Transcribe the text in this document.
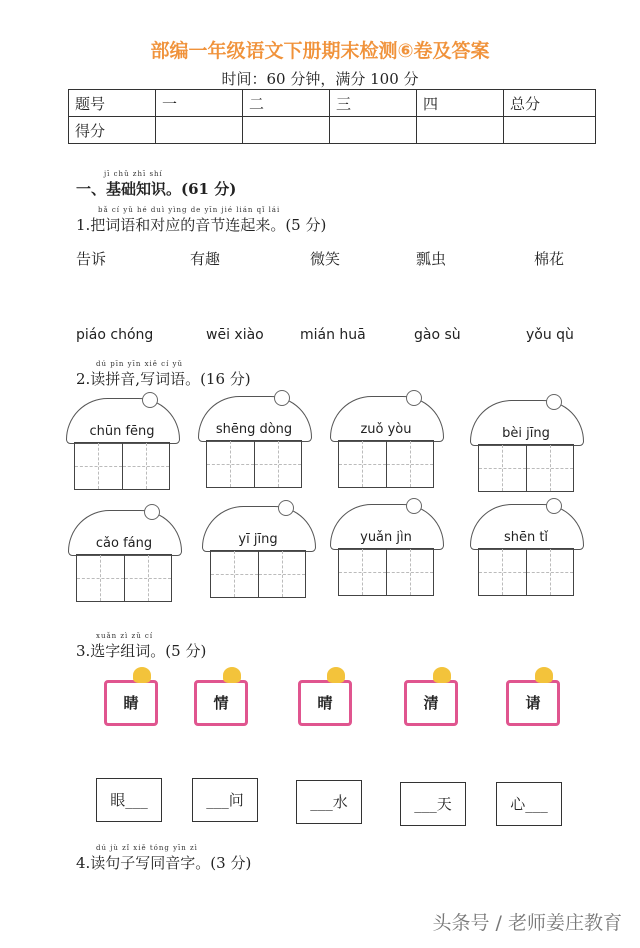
部编一年级语文下册期末检测⑥卷及答案
时间：60 分钟，满分 100 分
题号	一	二	三	四	总分
得分					
jī chǔ zhī shí
一、基础知识。(61 分)
bǎ cí yǔ hé duì yìng de yīn jié lián qǐ lái
1.把词语和对应的音节连起来。(5 分)
告诉	有趣	微笑	瓢虫	棉花
piáo chóng	wēi xiào	mián huā	gào sù	yǒu qù
dú pīn yīn xiě cí yǔ
2.读拼音,写词语。(16 分)
chūn fēng	shēng dòng	zuǒ yòu	bèi jīng
cǎo fáng	yī jīng	yuǎn jìn	shēn tǐ
xuǎn zì zǔ cí
3.选字组词。(5 分)
睛	情	晴	清	请
眼___	___问	___水	___天	心___
dú jù zǐ xiě tóng yīn zì
4.读句子写同音字。(3 分)
头条号 / 老师姜庄教育
